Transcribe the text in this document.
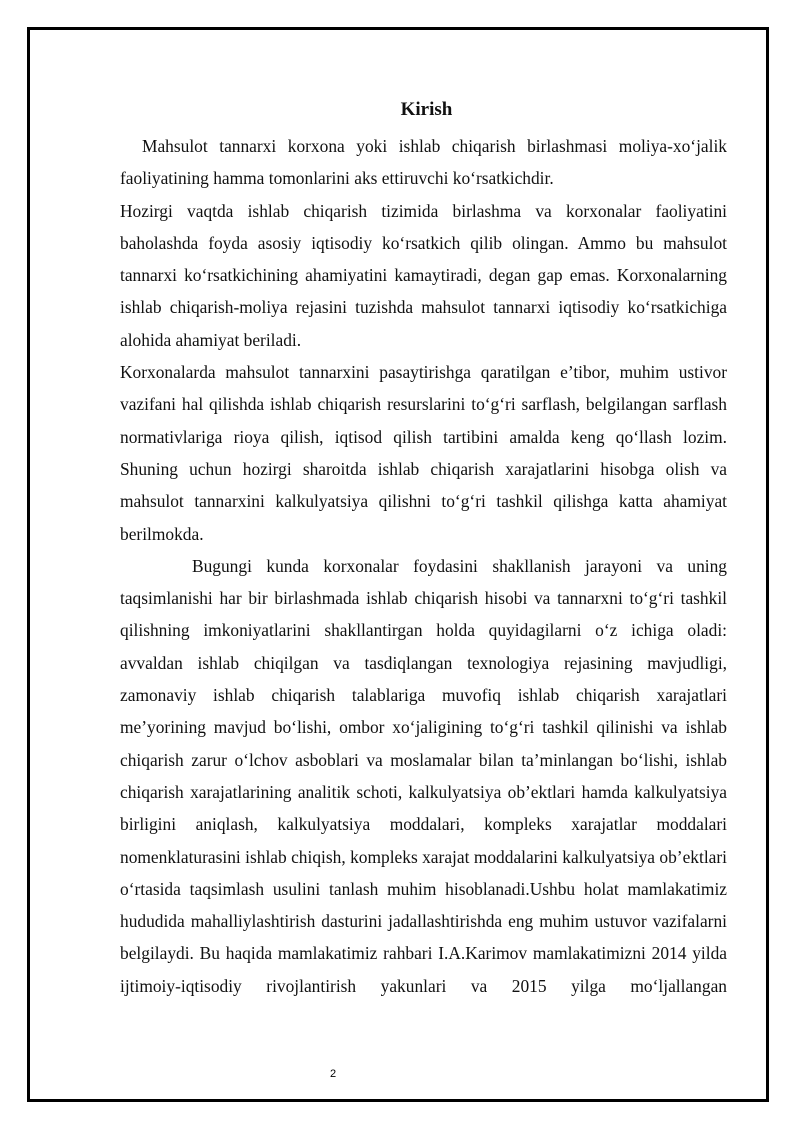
Kirish

Mahsulot tannarxi korxona yoki ishlab chiqarish birlashmasi moliya-xo‘jalik faoliyatining hamma tomonlarini aks ettiruvchi ko‘rsatkichdir.

Hozirgi vaqtda ishlab chiqarish tizimida birlashma va korxonalar faoliyatini baholashda foyda asosiy iqtisodiy ko‘rsatkich qilib olingan. Ammo bu mahsulot tannarxi ko‘rsatkichining ahamiyatini kamaytiradi, degan gap emas. Korxonalarning ishlab chiqarish-moliya rejasini tuzishda mahsulot tannarxi iqtisodiy ko‘rsatkichiga alohida ahamiyat beriladi.

Korxonalarda mahsulot tannarxini pasaytirishga qaratilgan e’tibor, muhim ustivor vazifani hal qilishda ishlab chiqarish resurslarini to‘g‘ri sarflash, belgilangan sarflash normativlariga rioya qilish, iqtisod qilish tartibini amalda keng qo‘llash lozim. Shuning uchun hozirgi sharoitda ishlab chiqarish xarajatlarini hisobga olish va mahsulot tannarxini kalkulyatsiya qilishni to‘g‘ri tashkil qilishga katta ahamiyat berilmokda.

Bugungi kunda korxonalar foydasini shakllanish jarayoni va uning taqsimlanishi har bir birlashmada ishlab chiqarish hisobi va tannarxni to‘g‘ri tashkil qilishning imkoniyatlarini shakllantirgan holda quyidagilarni o‘z ichiga oladi: avvaldan ishlab chiqilgan va tasdiqlangan texnologiya rejasining mavjudligi, zamonaviy ishlab chiqarish talablariga muvofiq ishlab chiqarish xarajatlari me’yorining mavjud bo‘lishi, ombor xo‘jaligining to‘g‘ri tashkil qilinishi va ishlab chiqarish zarur o‘lchov asboblari va moslamalar bilan ta’minlangan bo‘lishi, ishlab chiqarish xarajatlarining analitik schoti, kalkulyatsiya ob’ektlari hamda kalkulyatsiya birligini aniqlash, kalkulyatsiya moddalari, kompleks xarajatlar moddalari nomenklaturasini ishlab chiqish, kompleks xarajat moddalarini kalkulyatsiya ob’ektlari o‘rtasida taqsimlash usulini tanlash muhim hisoblanadi.Ushbu holat mamlakatimiz hududida mahalliylashtirish dasturini jadallashtirishda eng muhim ustuvor vazifalarni belgilaydi. Bu haqida mamlakatimiz rahbari I.A.Karimov mamlakatimizni 2014 yilda ijtimoiy-iqtisodiy rivojlantirish yakunlari va 2015 yilga mo‘ljallangan

2
